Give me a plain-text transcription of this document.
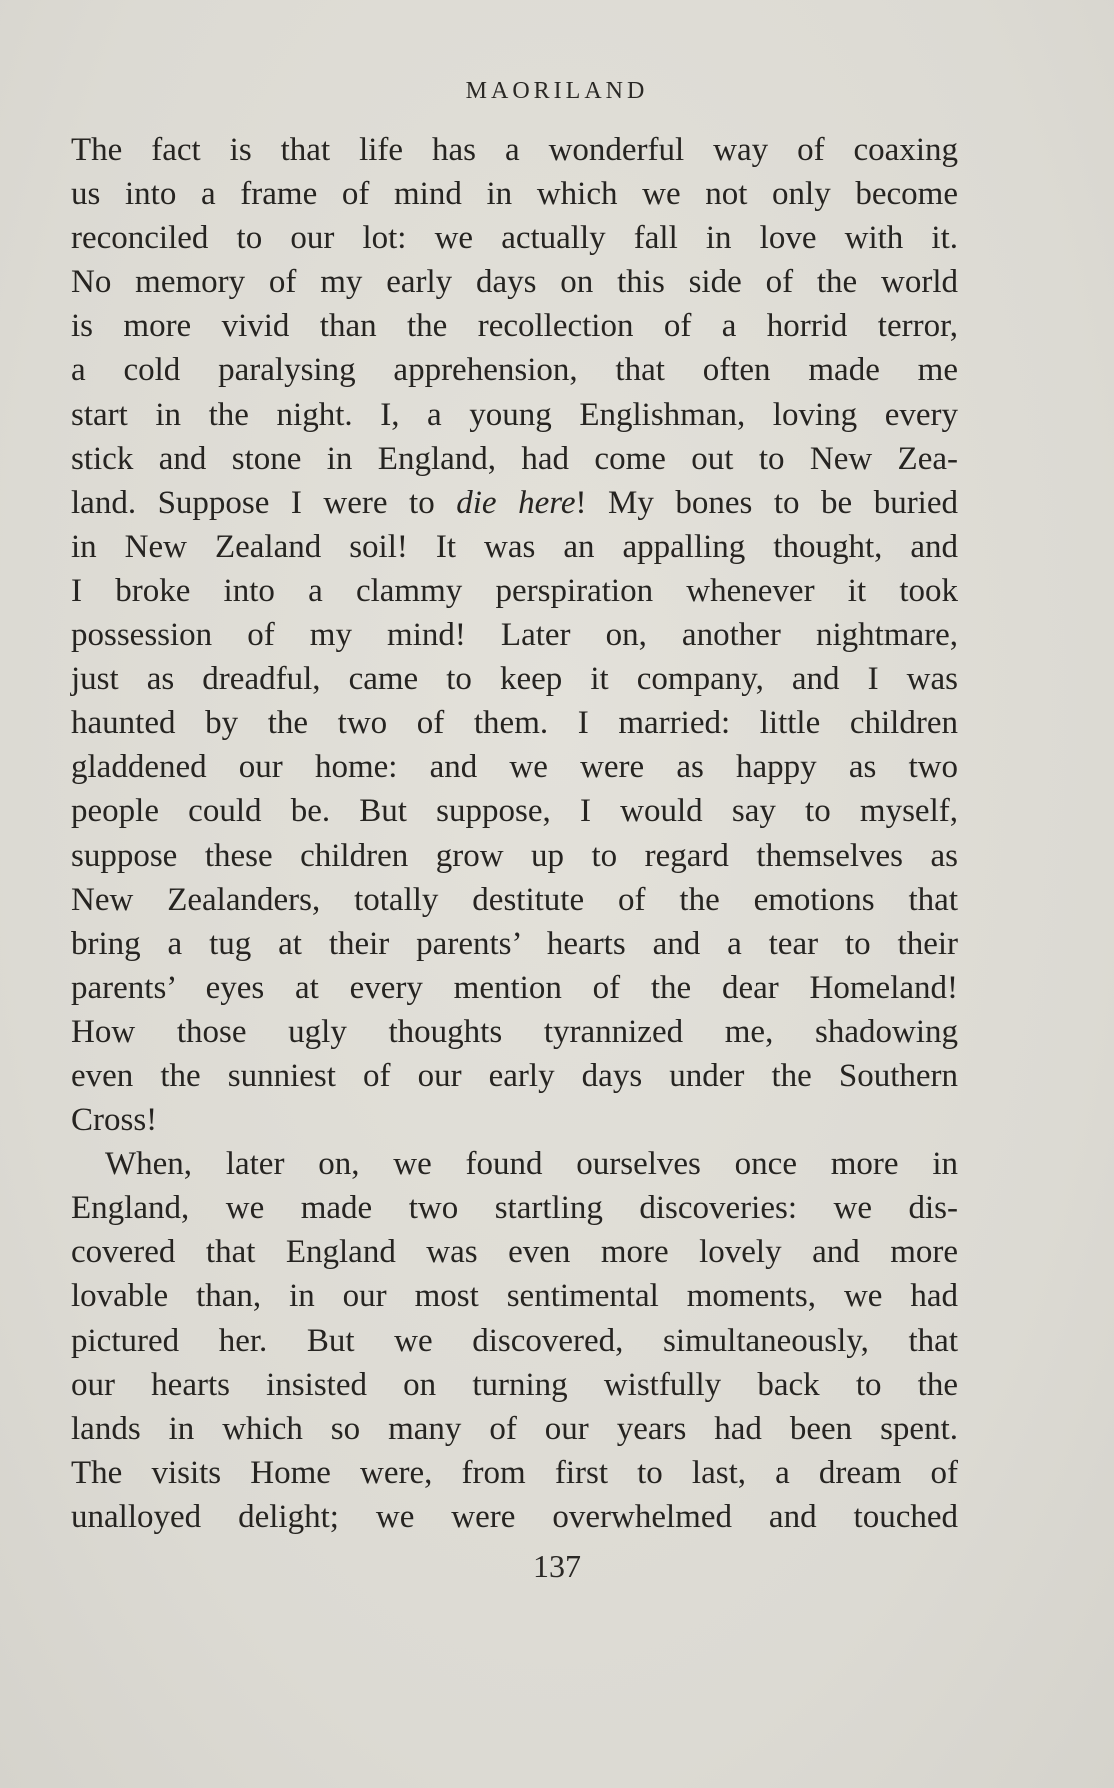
MAORILAND
The fact is that life has a wonderful way of coaxing
us into a frame of mind in which we not only become
reconciled to our lot: we actually fall in love with it.
No memory of my early days on this side of the world
is more vivid than the recollection of a horrid terror,
a cold paralysing apprehension, that often made me
start in the night. I, a young Englishman, loving every
stick and stone in England, had come out to New Zea-
land. Suppose I were to die here! My bones to be buried
in New Zealand soil! It was an appalling thought, and
I broke into a clammy perspiration whenever it took
possession of my mind! Later on, another nightmare,
just as dreadful, came to keep it company, and I was
haunted by the two of them. I married: little children
gladdened our home: and we were as happy as two
people could be. But suppose, I would say to myself,
suppose these children grow up to regard themselves as
New Zealanders, totally destitute of the emotions that
bring a tug at their parents’ hearts and a tear to their
parents’ eyes at every mention of the dear Homeland!
How those ugly thoughts tyrannized me, shadowing
even the sunniest of our early days under the Southern
Cross!
When, later on, we found ourselves once more in
England, we made two startling discoveries: we dis-
covered that England was even more lovely and more
lovable than, in our most sentimental moments, we had
pictured her. But we discovered, simultaneously, that
our hearts insisted on turning wistfully back to the
lands in which so many of our years had been spent.
The visits Home were, from first to last, a dream of
unalloyed delight; we were overwhelmed and touched
137
